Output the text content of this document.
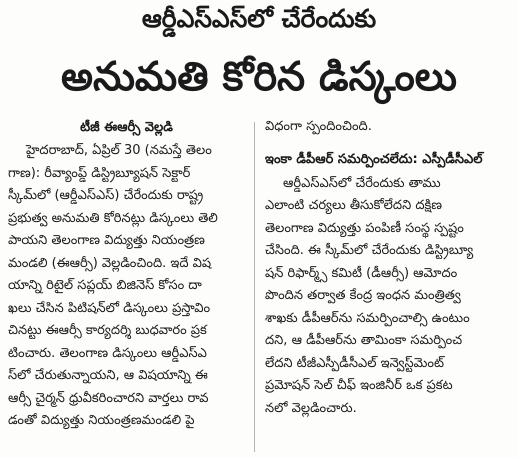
ఆర్డీఎస్ఎస్‌లో చేరేందుకు
అనుమతి కోరిన డిస్కంలు
టీజీ ఈఆర్సీ వెల్లడి
హైదరాబాద్, ఏప్రిల్ 30 (నమస్తే తెలం
గాణ): రీవ్యాంప్డ్ డిస్ట్రిబ్యూషన్ సెక్టార్
స్కీమ్‌లో (ఆర్డీఎస్ఎస్) చేరేందుకు రాష్ట్ర
ప్రభుత్వ అనుమతి కోరినట్లు డిస్కంలు తెలి
పాయని తెలంగాణ విద్యుత్తు నియంత్రణ
మండలి (ఈఆర్సీ) వెల్లడించింది. ఇదే విష
యాన్ని రిటైల్ సప్లయ్ బిజినెస్ కోసం దా
ఖలు చేసిన పిటిషన్‌లో డిస్కంలు ప్రస్తావిం
చినట్టు ఈఆర్సీ కార్యదర్శి బుధవారం ప్రక
టించారు. తెలంగాణ డిస్కంలు ఆర్డీఎస్ఎ
స్‌లో చేరుతున్నాయని, ఆ విషయాన్ని ఈ
ఆర్సీ చైర్మన్ ధ్రువీకరించారని వార్తలు రావ
డంతో విద్యుత్తు నియంత్రణమండలి పై
విధంగా స్పందించింది.
ఇంకా డీపీఆర్ సమర్పించలేదు: ఎస్పీడీసీఎల్
ఆర్డీఎస్ఎస్‌లో చేరేందుకు తాము
ఎలాంటి చర్యలు తీసుకోలేదని దక్షిణ
తెలంగాణ విద్యుత్తు పంపిణీ సంస్థ స్పష్టం
చేసింది. ఈ స్కీమ్‌లో చేరేందుకు డిస్ట్రిబ్యూ
షన్ రిఫార్మ్స్ కమిటీ (డీఆర్సీ) ఆమోదం
పొందిన తర్వాత కేంద్ర ఇంధన మంత్రిత్వ
శాఖకు డీపీఆర్‌ను సమర్పించాల్సి ఉంటుం
దని, ఆ డీపీఆర్‌ను తామింకా సమర్పించ
లేదని టీజీఎస్పీడీసీఎల్ ఇన్వెస్ట్‌మెంట్
ప్రమోషన్ సెల్ చీఫ్ ఇంజినీర్ ఒక ప్రకట
నలో వెల్లడించారు.
